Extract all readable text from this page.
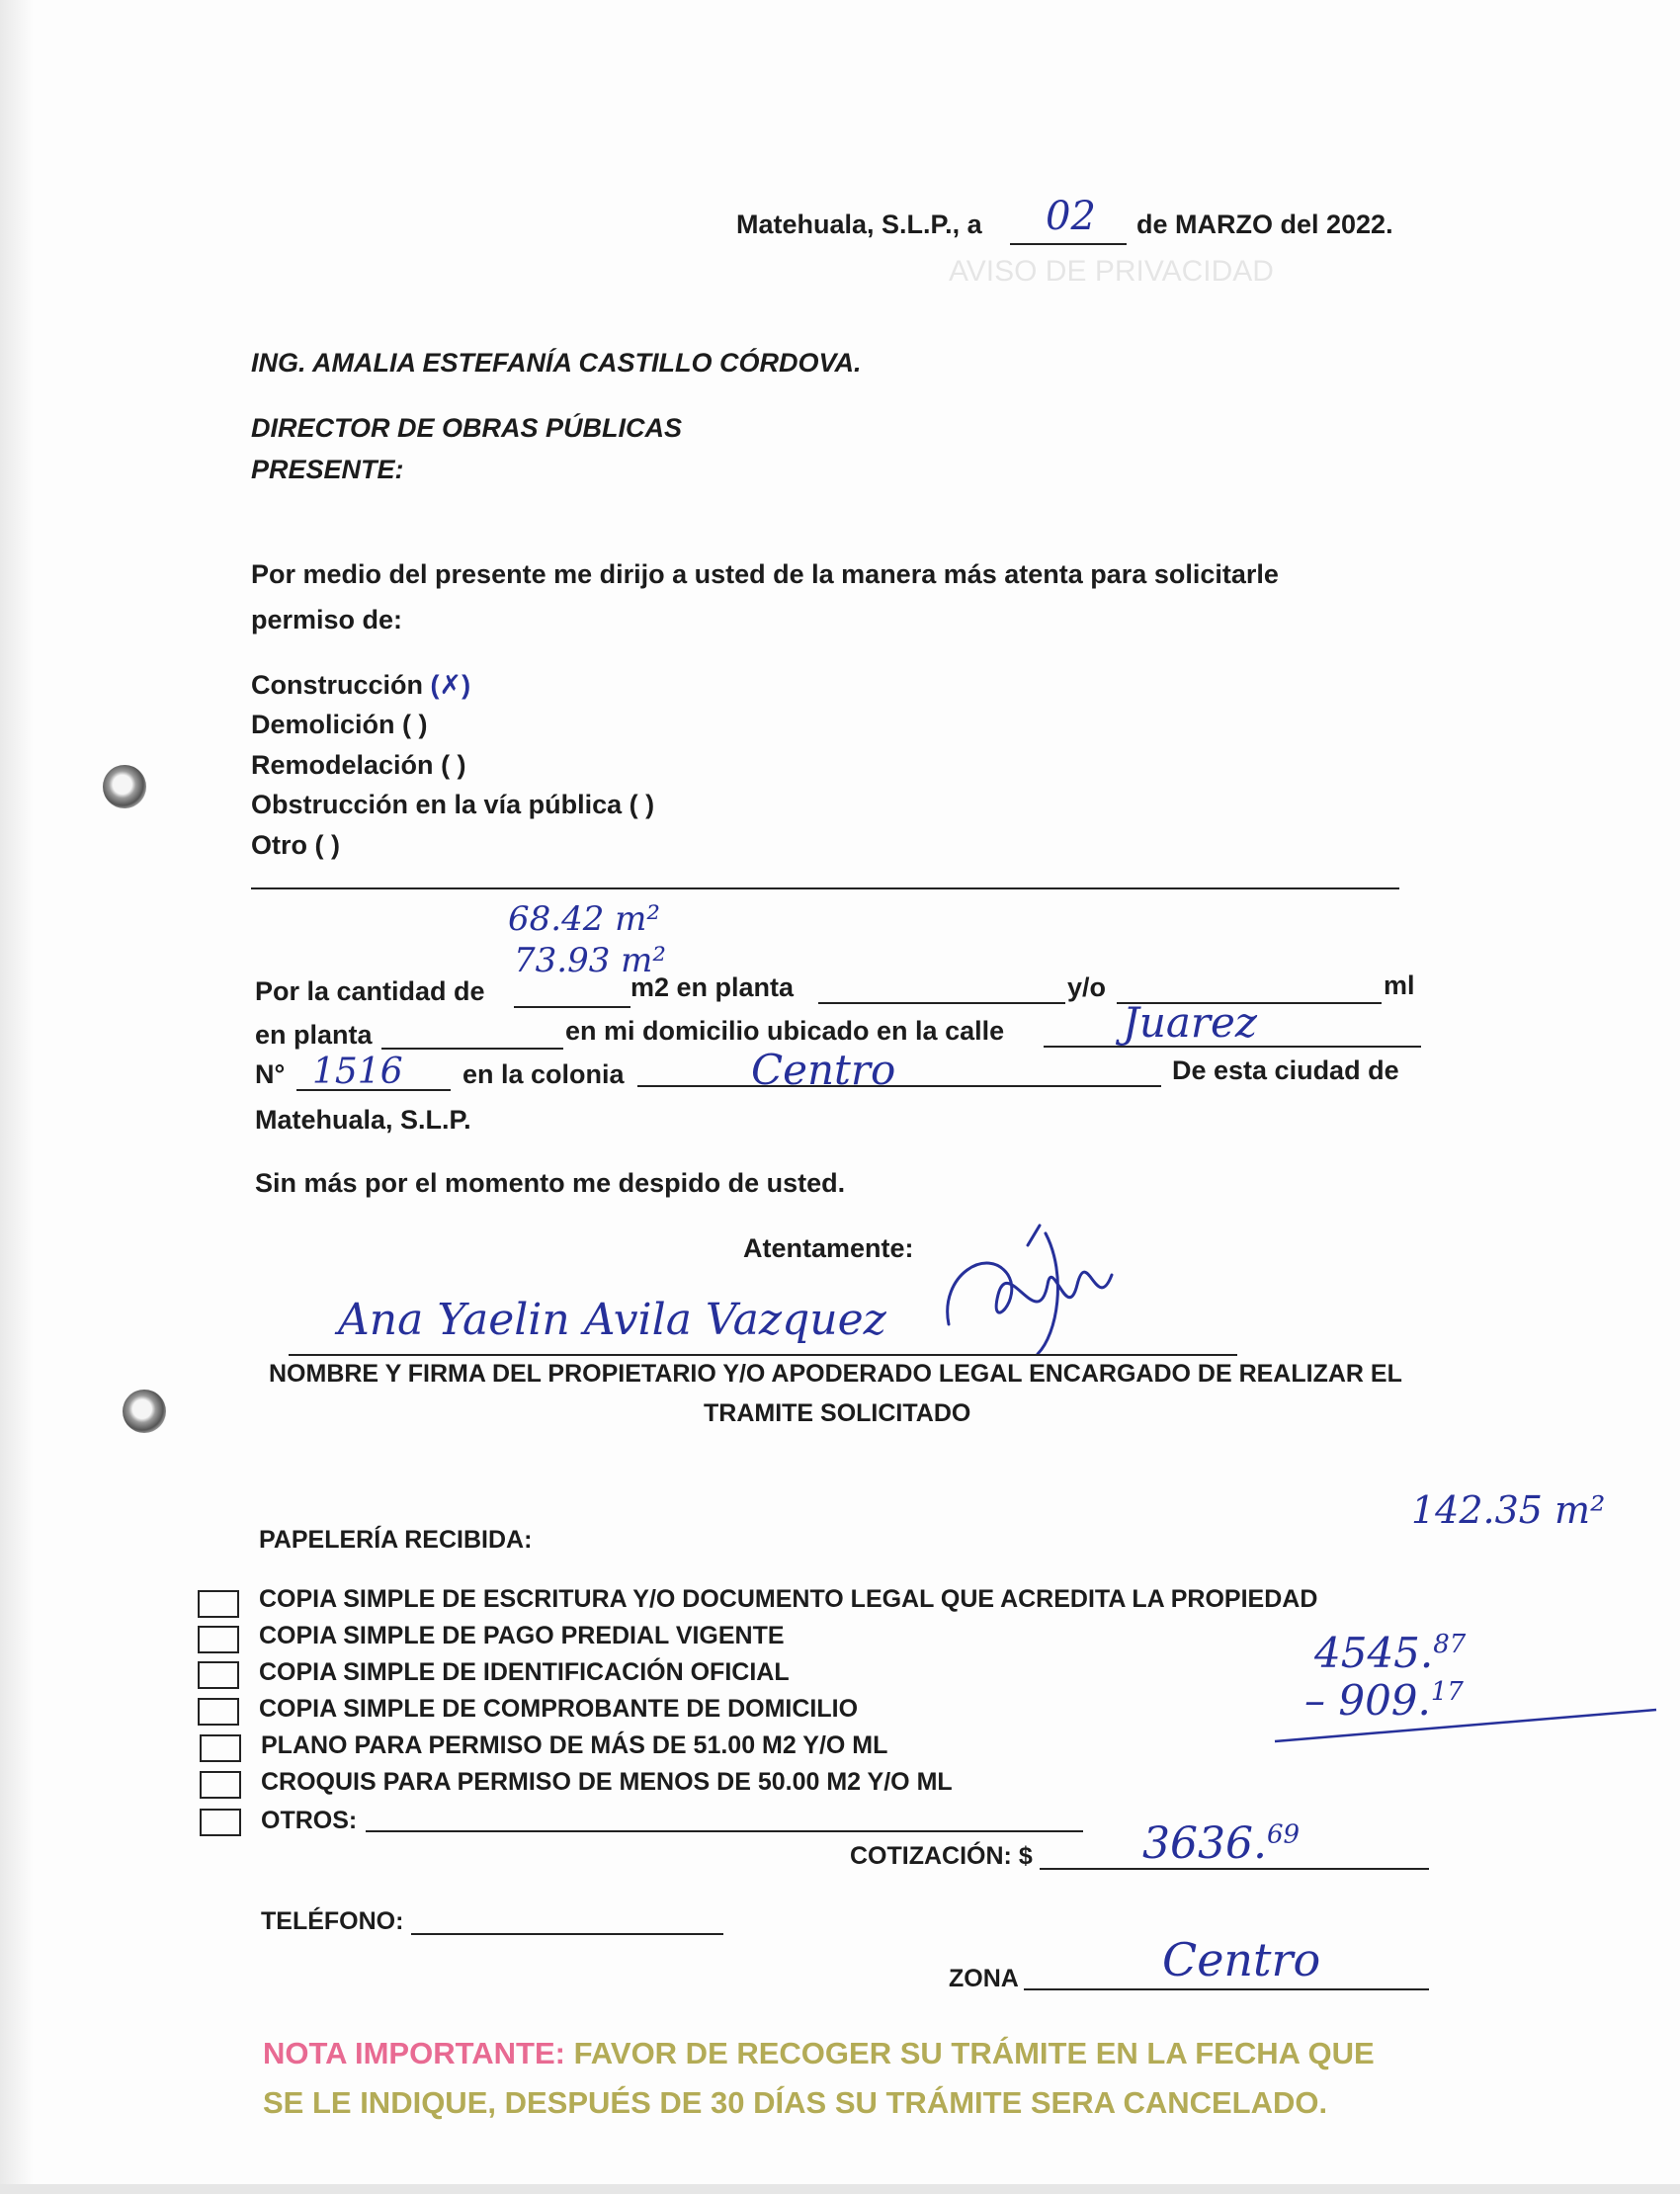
AVISO DE PRIVACIDAD
Matehuala, S.L.P., a 02 de MARZO del 2022.
ING. AMALIA ESTEFANÍA CASTILLO CÓRDOVA.
DIRECTOR DE OBRAS PÚBLICAS
PRESENTE:
Por medio del presente me dirijo a usted de la manera más atenta para solicitarle
permiso de:
Construcción (✗)
Demolición ( )
Remodelación ( )
Obstrucción en la vía pública ( )
Otro ( )
68.42 m²
73.93 m²
Por la cantidad de	m2 en planta	y/o	ml
en planta	en mi domicilio ubicado en la calle	Juarez
N° 1516 en la colonia	Centro	De esta ciudad de
Matehuala, S.L.P.
Sin más por el momento me despido de usted.
Atentamente:
Ana Yaelin Avila Vazquez
NOMBRE Y FIRMA DEL PROPIETARIO Y/O APODERADO LEGAL ENCARGADO DE REALIZAR EL
TRAMITE SOLICITADO
142.35 m²
4545.87
– 909.17
PAPELERÍA RECIBIDA:
COPIA SIMPLE DE ESCRITURA Y/O DOCUMENTO LEGAL QUE ACREDITA LA PROPIEDAD
COPIA SIMPLE DE PAGO PREDIAL VIGENTE
COPIA SIMPLE DE IDENTIFICACIÓN OFICIAL
COPIA SIMPLE DE COMPROBANTE DE DOMICILIO
PLANO PARA PERMISO DE MÁS DE 51.00 M2 Y/O ML
CROQUIS PARA PERMISO DE MENOS DE 50.00 M2 Y/O ML
OTROS:
COTIZACIÓN: $	3636.69
TELÉFONO:
ZONA	Centro
NOTA IMPORTANTE: FAVOR DE RECOGER SU TRÁMITE EN LA FECHA QUE
SE LE INDIQUE, DESPUÉS DE 30 DÍAS SU TRÁMITE SERA CANCELADO.
